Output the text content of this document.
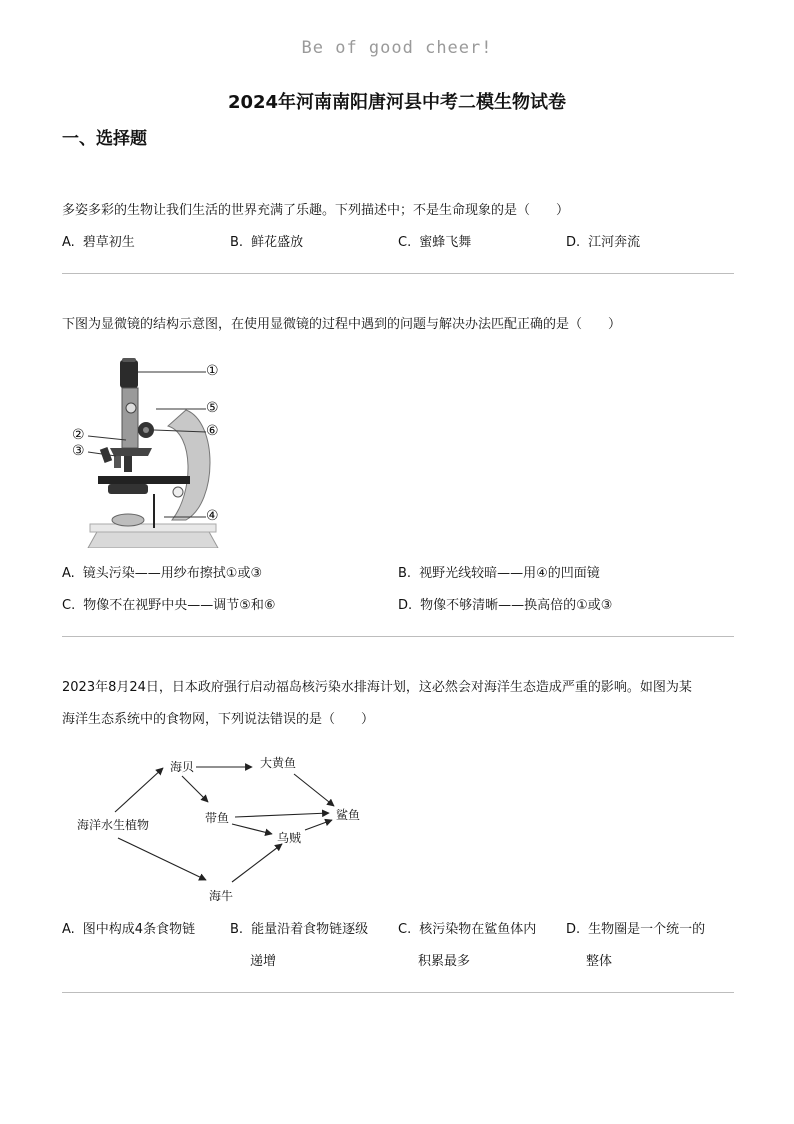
Be of good cheer!
2024年河南南阳唐河县中考二模生物试卷
一、选择题
多姿多彩的生物让我们生活的世界充满了乐趣。下列描述中；不是生命现象的是（　　）
A. 碧草初生	B. 鲜花盛放	C. 蜜蜂飞舞	D. 江河奔流
下图为显微镜的结构示意图，在使用显微镜的过程中遇到的问题与解决办法匹配正确的是（　　）
①
⑤
⑥
②
③
④
A. 镜头污染——用纱布擦拭①或③	B. 视野光线较暗——用④的凹面镜
C. 物像不在视野中央——调节⑤和⑥	D. 物像不够清晰——换高倍的①或③
2023年8月24日，日本政府强行启动福岛核污染水排海计划，这必然会对海洋生态造成严重的影响。如图为某
海洋生态系统中的食物网，下列说法错误的是（　　）
海洋水生植物
海贝	大黄鱼
带鱼	鲨鱼
乌贼
海牛
A. 图中构成4条食物链	B. 能量沿着食物链逐级
递增
C. 核污染物在鲨鱼体内
积累最多
D. 生物圈是一个统一的
整体
